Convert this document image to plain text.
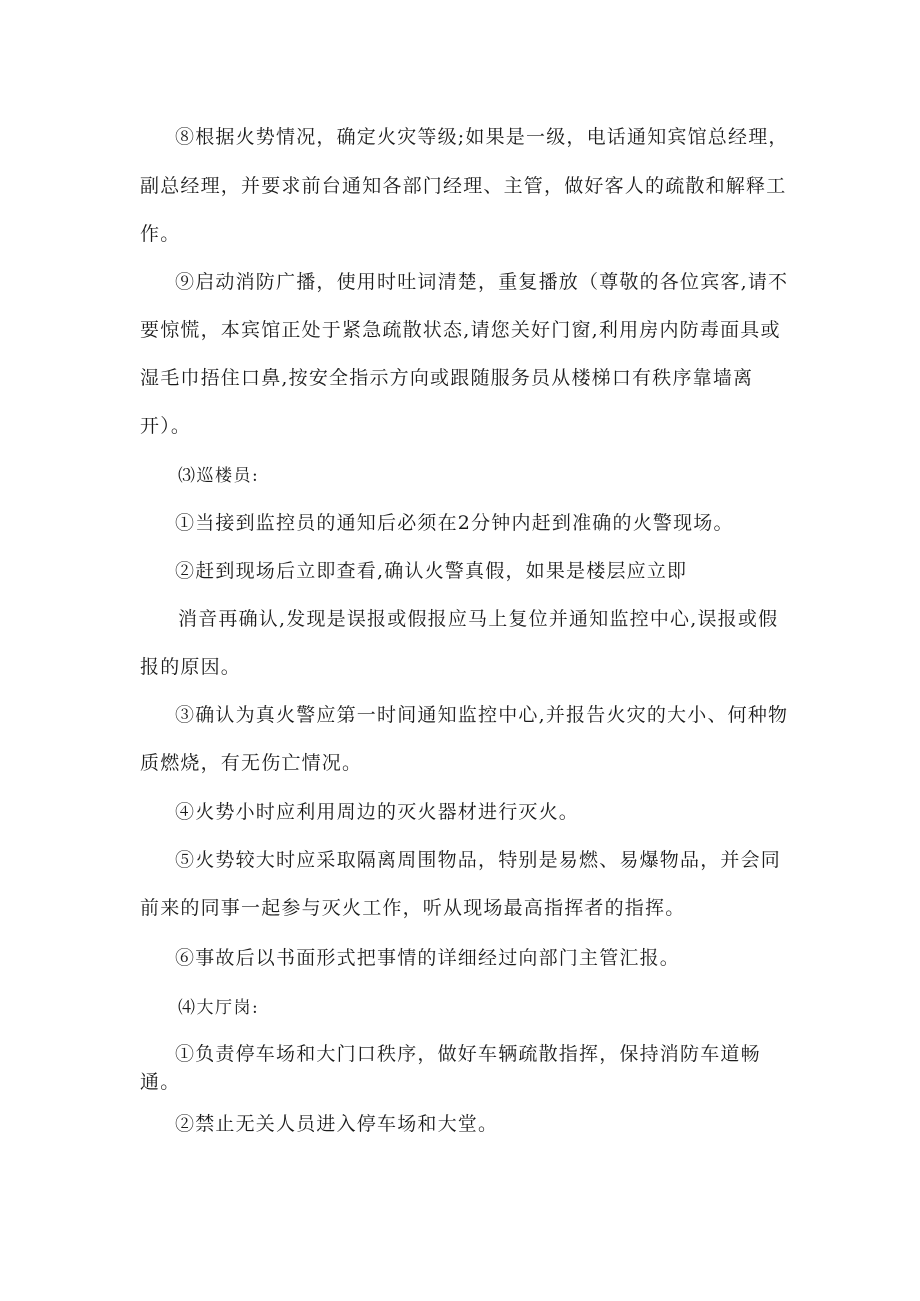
⑧根据火势情况，确定火灾等级;如果是一级，电话通知宾馆总经理，
副总经理，并要求前台通知各部门经理、主管，做好客人的疏散和解释工
作。
⑨启动消防广播，使用时吐词清楚，重复播放（尊敬的各位宾客,请不
要惊慌，本宾馆正处于紧急疏散状态,请您关好门窗,利用房内防毒面具或
湿毛巾捂住口鼻,按安全指示方向或跟随服务员从楼梯口有秩序靠墙离
开）。
⑶巡楼员:
①当接到监控员的通知后必须在2分钟内赶到准确的火警现场。
②赶到现场后立即查看,确认火警真假，如果是楼层应立即
消音再确认,发现是误报或假报应马上复位并通知监控中心,误报或假
报的原因。
③确认为真火警应第一时间通知监控中心,并报告火灾的大小、何种物
质燃烧，有无伤亡情况。
④火势小时应利用周边的灭火器材进行灭火。
⑤火势较大时应采取隔离周围物品，特别是易燃、易爆物品，并会同
前来的同事一起参与灭火工作，听从现场最高指挥者的指挥。
⑥事故后以书面形式把事情的详细经过向部门主管汇报。
⑷大厅岗:
①负责停车场和大门口秩序，做好车辆疏散指挥，保持消防车道畅
通。
②禁止无关人员进入停车场和大堂。
